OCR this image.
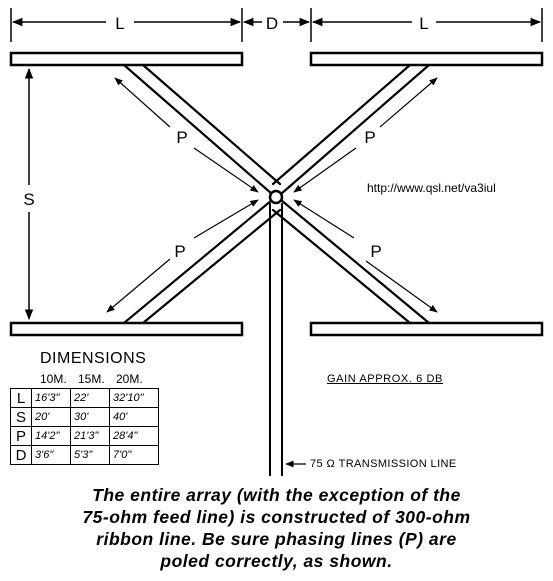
L	D	L
S
P	P
P	P
http://www.qsl.net/va3iul
DIMENSIONS
10M. 15M. 20M.
L	16'3"	22'	32'10"
S	20'	30'	40'
P	14'2"	21'3"	28'4"
D	3'6"	5'3"	7'0"
GAIN APPROX. 6 DB
75 Ω TRANSMISSION LINE
The entire array (with the exception of the
75-ohm feed line) is constructed of 300-ohm
ribbon line. Be sure phasing lines (P) are
poled correctly, as shown.
